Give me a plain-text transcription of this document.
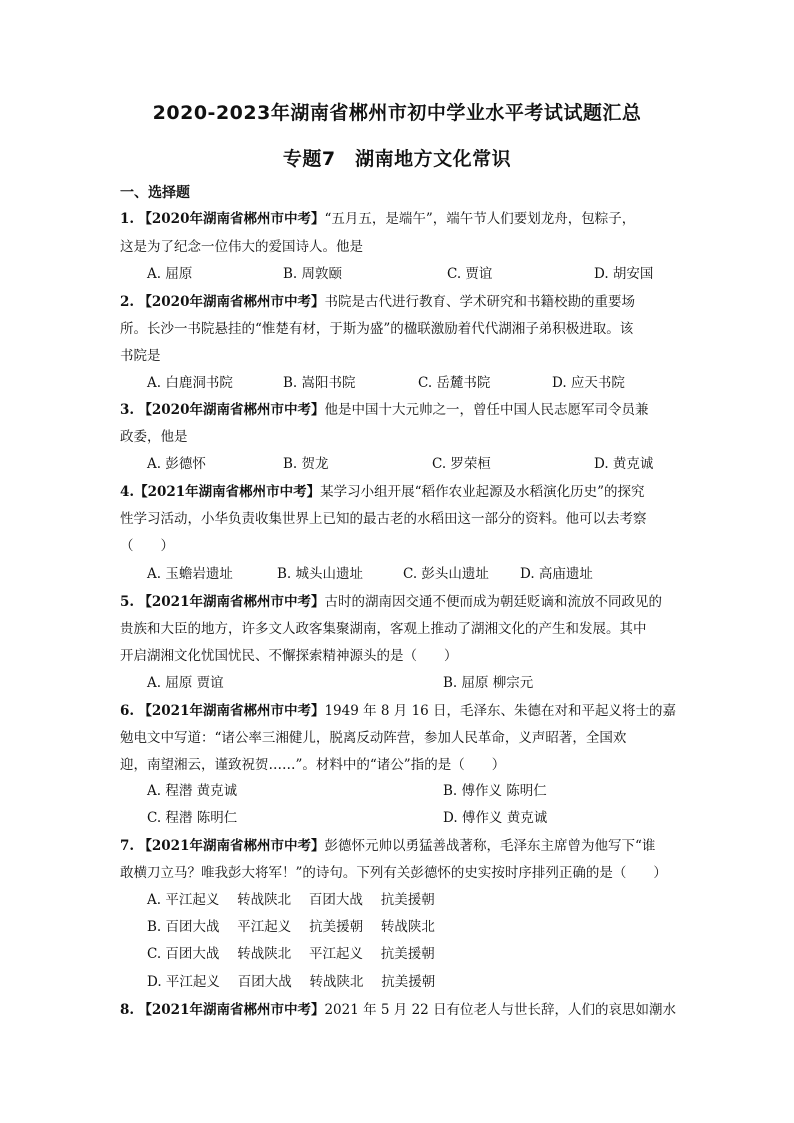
2020-2023年湖南省郴州市初中学业水平考试试题汇总
专题7　湖南地方文化常识
一、选择题
1. 【2020年湖南省郴州市中考】“五月五，是端午”，端午节人们要划龙舟，包粽子，
这是为了纪念一位伟大的爱国诗人。他是
A. 屈原	B. 周敦颐	C. 贾谊	D. 胡安国
2. 【2020年湖南省郴州市中考】书院是古代进行教育、学术研究和书籍校勘的重要场
所。长沙一书院悬挂的“惟楚有材，于斯为盛”的楹联激励着代代湖湘子弟积极进取。该
书院是
A. 白鹿洞书院	B. 嵩阳书院	C. 岳麓书院	D. 应天书院
3. 【2020年湖南省郴州市中考】他是中国十大元帅之一，曾任中国人民志愿军司令员兼
政委，他是
A. 彭德怀	B. 贺龙	C. 罗荣桓	D. 黄克诚
4.【2021年湖南省郴州市中考】某学习小组开展“稻作农业起源及水稻演化历史”的探究
性学习活动，小华负责收集世界上已知的最古老的水稻田这一部分的资料。他可以去考察
（　　）
A. 玉蟾岩遗址	B. 城头山遗址	C. 彭头山遗址 D. 高庙遗址
5. 【2021年湖南省郴州市中考】古时的湖南因交通不便而成为朝廷贬谪和流放不同政见的
贵族和大臣的地方，许多文人政客集聚湖南，客观上推动了湖湘文化的产生和发展。其中
开启湖湘文化忧国忧民、不懈探索精神源头的是（　　）
A. 屈原 贾谊	B. 屈原 柳宗元
6. 【2021年湖南省郴州市中考】1949 年 8 月 16 日，毛泽东、朱德在对和平起义将士的嘉
勉电文中写道：“诸公率三湘健儿，脱离反动阵营，参加人民革命，义声昭著，全国欢
迎，南望湘云，谨致祝贺……”。材料中的“诸公”指的是（　　）
A. 程潜 黄克诚	B. 傅作义 陈明仁
C. 程潜 陈明仁	D. 傅作义 黄克诚
7. 【2021年湖南省郴州市中考】彭德怀元帅以勇猛善战著称，毛泽东主席曾为他写下“谁
敢横刀立马？唯我彭大将军！”的诗句。下列有关彭德怀的史实按时序排列正确的是（　　）
A. 平江起义　 转战陕北　 百团大战　 抗美援朝
B. 百团大战　 平江起义　 抗美援朝　 转战陕北
C. 百团大战　 转战陕北　 平江起义　 抗美援朝
D. 平江起义　 百团大战　 转战陕北　 抗美援朝
8. 【2021年湖南省郴州市中考】2021 年 5 月 22 日有位老人与世长辞，人们的哀思如潮水
